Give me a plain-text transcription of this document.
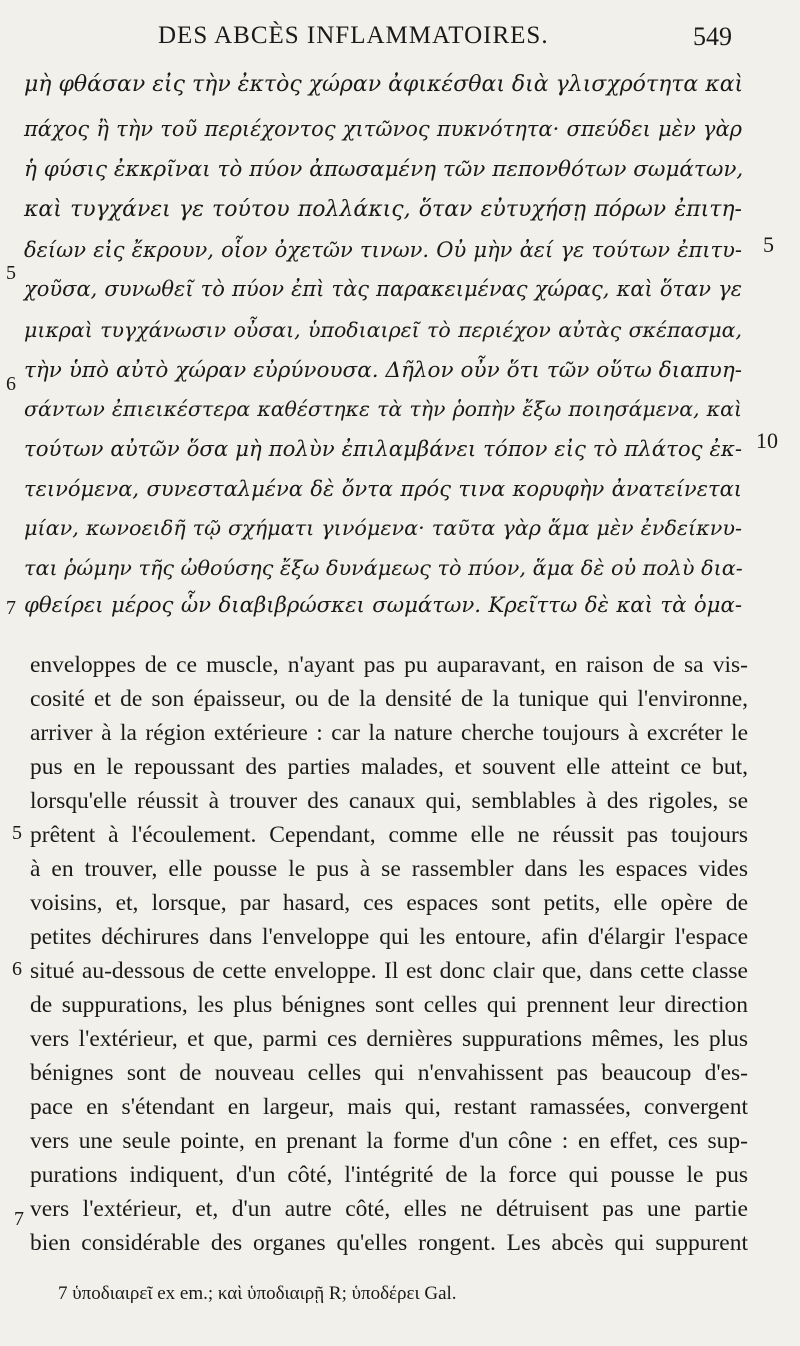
DES ABCÈS INFLAMMATOIRES.	549
μὴ φθάσαν εἰς τὴν ἐκτὸς χώραν ἀφικέσθαι διὰ γλισχρότητα καὶ
πάχος ἢ τὴν τοῦ περιέχοντος χιτῶνος πυκνότητα· σπεύδει μὲν γὰρ
ἡ φύσις ἐκκρῖναι τὸ πύον ἀπωσαμένη τῶν πεπονθότων σωμάτων,
καὶ τυγχάνει γε τούτου πολλάκις, ὅταν εὐτυχήσῃ πόρων ἐπιτη-
δείων εἰς ἔκρουν, οἷον ὀχετῶν τινων. Οὐ μὴν ἀεί γε τούτων ἐπιτυ-
χοῦσα, συνωθεῖ τὸ πύον ἐπὶ τὰς παρακειμένας χώρας, καὶ ὅταν γε
μικραὶ τυγχάνωσιν οὖσαι, ὑποδιαιρεῖ τὸ περιέχον αὐτὰς σκέπασμα,
τὴν ὑπὸ αὐτὸ χώραν εὐρύνουσα. Δῆλον οὖν ὅτι τῶν οὕτω διαπυη-
σάντων ἐπιεικέστερα καθέστηκε τὰ τὴν ῥοπὴν ἔξω ποιησάμενα, καὶ
τούτων αὐτῶν ὅσα μὴ πολὺν ἐπιλαμβάνει τόπον εἰς τὸ πλάτος ἐκ-
τεινόμενα, συνεσταλμένα δὲ ὄντα πρός τινα κορυφὴν ἀνατείνεται
μίαν, κωνοειδῆ τῷ σχήματι γινόμενα· ταῦτα γὰρ ἅμα μὲν ἐνδείκνυ-
ται ῥώμην τῆς ὠθούσης ἔξω δυνάμεως τὸ πύον, ἅμα δὲ οὐ πολὺ δια-
φθείρει μέρος ὧν διαβιβρώσκει σωμάτων. Κρεῖττω δὲ καὶ τὰ ὁμα-
5
6
7
5
10
enveloppes de ce muscle, n'ayant pas pu auparavant, en raison de sa vis-
cosité et de son épaisseur, ou de la densité de la tunique qui l'environne,
arriver à la région extérieure : car la nature cherche toujours à excréter le
pus en le repoussant des parties malades, et souvent elle atteint ce but,
lorsqu'elle réussit à trouver des canaux qui, semblables à des rigoles, se
prêtent à l'écoulement. Cependant, comme elle ne réussit pas toujours
à en trouver, elle pousse le pus à se rassembler dans les espaces vides
voisins, et, lorsque, par hasard, ces espaces sont petits, elle opère de
petites déchirures dans l'enveloppe qui les entoure, afin d'élargir l'espace
situé au-dessous de cette enveloppe. Il est donc clair que, dans cette classe
de suppurations, les plus bénignes sont celles qui prennent leur direction
vers l'extérieur, et que, parmi ces dernières suppurations mêmes, les plus
bénignes sont de nouveau celles qui n'envahissent pas beaucoup d'es-
pace en s'étendant en largeur, mais qui, restant ramassées, convergent
vers une seule pointe, en prenant la forme d'un cône : en effet, ces sup-
purations indiquent, d'un côté, l'intégrité de la force qui pousse le pus
vers l'extérieur, et, d'un autre côté, elles ne détruisent pas une partie
bien considérable des organes qu'elles rongent. Les abcès qui suppurent
5
6
7
7 ὑποδιαιρεῖ ex em.; καὶ ὑποδιαιρῇ R; ὑποδέρει Gal.
